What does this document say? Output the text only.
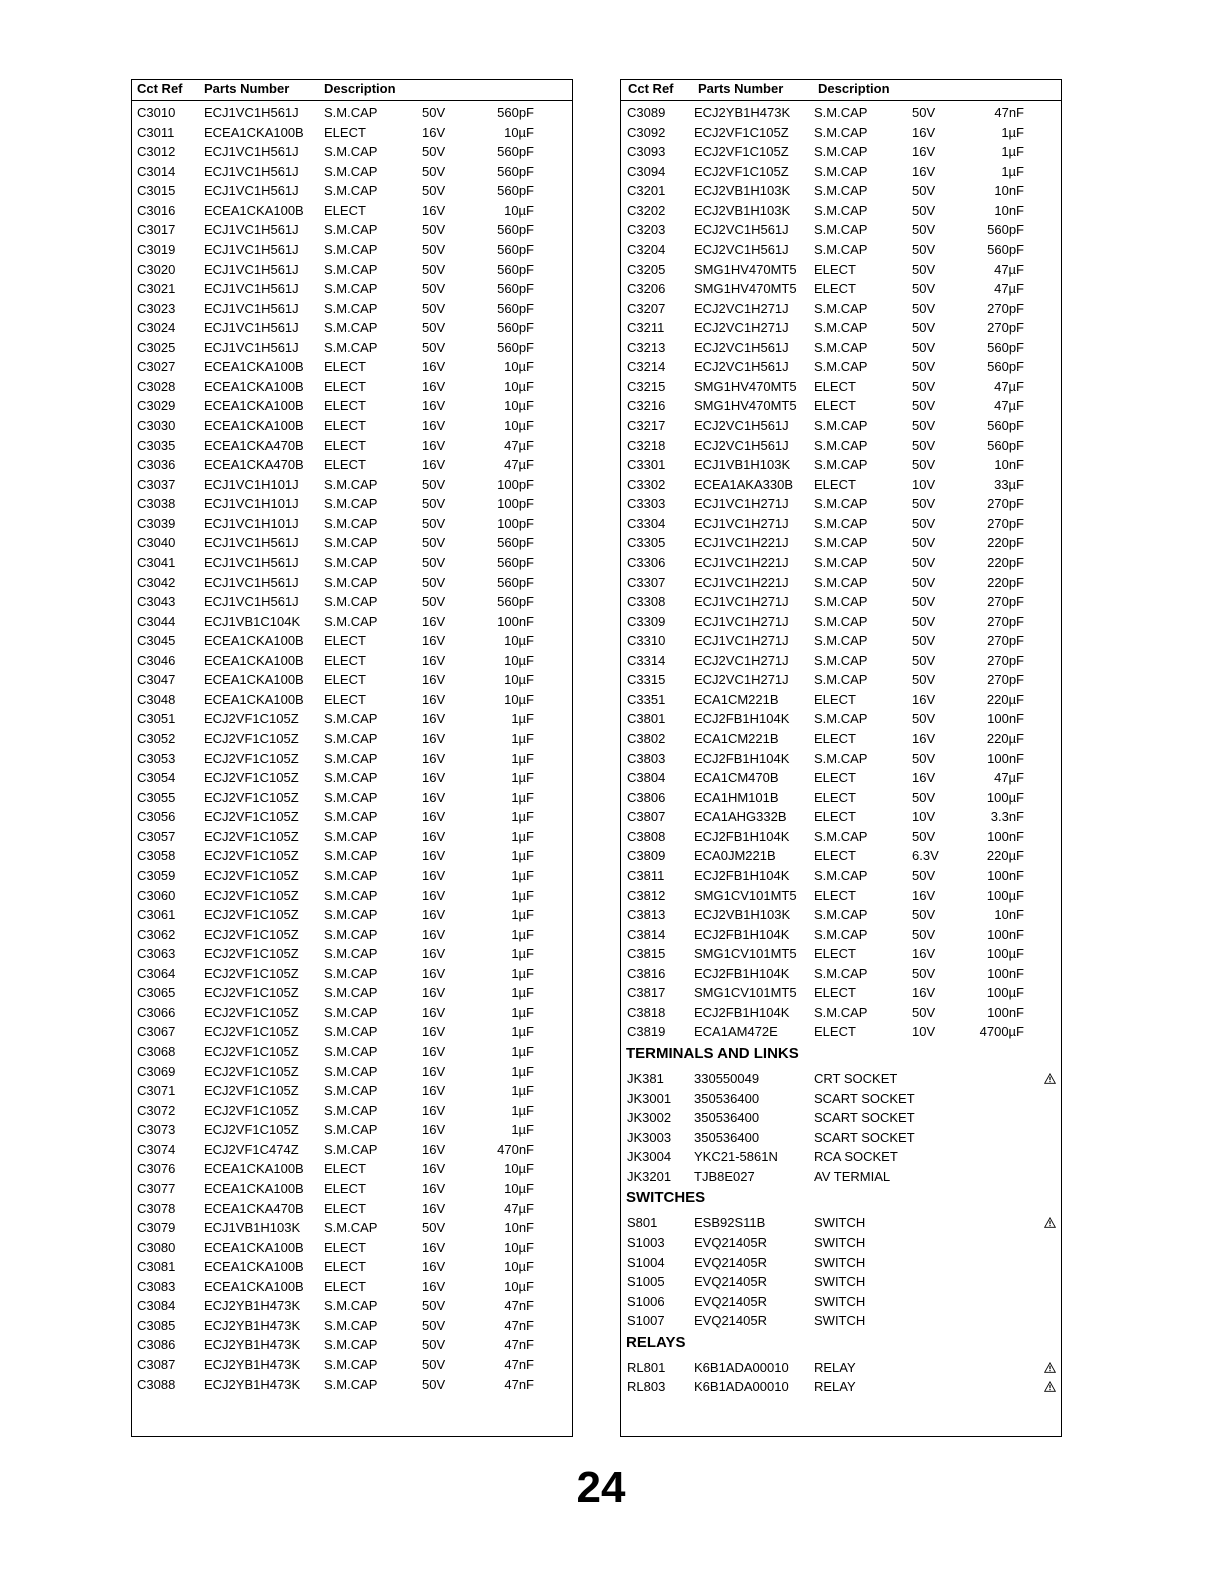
Cct Ref Parts Number	Description
C3010 ECJ1VC1H561J S.M.CAP	50V	560pF
C3011 ECEA1CKA100B ELECT	16V	10µF
C3012 ECJ1VC1H561J S.M.CAP	50V	560pF
C3014 ECJ1VC1H561J S.M.CAP	50V	560pF
C3015 ECJ1VC1H561J S.M.CAP	50V	560pF
C3016 ECEA1CKA100B ELECT	16V	10µF
C3017 ECJ1VC1H561J S.M.CAP	50V	560pF
C3019 ECJ1VC1H561J S.M.CAP	50V	560pF
C3020 ECJ1VC1H561J S.M.CAP	50V	560pF
C3021 ECJ1VC1H561J S.M.CAP	50V	560pF
C3023 ECJ1VC1H561J S.M.CAP	50V	560pF
C3024 ECJ1VC1H561J S.M.CAP	50V	560pF
C3025 ECJ1VC1H561J S.M.CAP	50V	560pF
C3027 ECEA1CKA100B ELECT	16V	10µF
C3028 ECEA1CKA100B ELECT	16V	10µF
C3029 ECEA1CKA100B ELECT	16V	10µF
C3030 ECEA1CKA100B ELECT	16V	10µF
C3035 ECEA1CKA470B ELECT	16V	47µF
C3036 ECEA1CKA470B ELECT	16V	47µF
C3037 ECJ1VC1H101J S.M.CAP	50V	100pF
C3038 ECJ1VC1H101J S.M.CAP	50V	100pF
C3039 ECJ1VC1H101J S.M.CAP	50V	100pF
C3040 ECJ1VC1H561J S.M.CAP	50V	560pF
C3041 ECJ1VC1H561J S.M.CAP	50V	560pF
C3042 ECJ1VC1H561J S.M.CAP	50V	560pF
C3043 ECJ1VC1H561J S.M.CAP	50V	560pF
C3044 ECJ1VB1C104K S.M.CAP	16V	100nF
C3045 ECEA1CKA100B ELECT	16V	10µF
C3046 ECEA1CKA100B ELECT	16V	10µF
C3047 ECEA1CKA100B ELECT	16V	10µF
C3048 ECEA1CKA100B ELECT	16V	10µF
C3051 ECJ2VF1C105Z S.M.CAP	16V	1µF
C3052 ECJ2VF1C105Z S.M.CAP	16V	1µF
C3053 ECJ2VF1C105Z S.M.CAP	16V	1µF
C3054 ECJ2VF1C105Z S.M.CAP	16V	1µF
C3055 ECJ2VF1C105Z S.M.CAP	16V	1µF
C3056 ECJ2VF1C105Z S.M.CAP	16V	1µF
C3057 ECJ2VF1C105Z S.M.CAP	16V	1µF
C3058 ECJ2VF1C105Z S.M.CAP	16V	1µF
C3059 ECJ2VF1C105Z S.M.CAP	16V	1µF
C3060 ECJ2VF1C105Z S.M.CAP	16V	1µF
C3061 ECJ2VF1C105Z S.M.CAP	16V	1µF
C3062 ECJ2VF1C105Z S.M.CAP	16V	1µF
C3063 ECJ2VF1C105Z S.M.CAP	16V	1µF
C3064 ECJ2VF1C105Z S.M.CAP	16V	1µF
C3065 ECJ2VF1C105Z S.M.CAP	16V	1µF
C3066 ECJ2VF1C105Z S.M.CAP	16V	1µF
C3067 ECJ2VF1C105Z S.M.CAP	16V	1µF
C3068 ECJ2VF1C105Z S.M.CAP	16V	1µF
C3069 ECJ2VF1C105Z S.M.CAP	16V	1µF
C3071 ECJ2VF1C105Z S.M.CAP	16V	1µF
C3072 ECJ2VF1C105Z S.M.CAP	16V	1µF
C3073 ECJ2VF1C105Z S.M.CAP	16V	1µF
C3074 ECJ2VF1C474Z S.M.CAP	16V	470nF
C3076 ECEA1CKA100B ELECT	16V	10µF
C3077 ECEA1CKA100B ELECT	16V	10µF
C3078 ECEA1CKA470B ELECT	16V	47µF
C3079 ECJ1VB1H103K S.M.CAP	50V	10nF
C3080 ECEA1CKA100B ELECT	16V	10µF
C3081 ECEA1CKA100B ELECT	16V	10µF
C3083 ECEA1CKA100B ELECT	16V	10µF
C3084 ECJ2YB1H473K S.M.CAP	50V	47nF
C3085 ECJ2YB1H473K S.M.CAP	50V	47nF
C3086 ECJ2YB1H473K S.M.CAP	50V	47nF
C3087 ECJ2YB1H473K S.M.CAP	50V	47nF
C3088 ECJ2YB1H473K S.M.CAP	50V	47nF
Cct Ref Parts Number	Description
C3089 ECJ2YB1H473K S.M.CAP	50V	47nF
C3092 ECJ2VF1C105Z S.M.CAP	16V	1µF
C3093 ECJ2VF1C105Z S.M.CAP	16V	1µF
C3094 ECJ2VF1C105Z S.M.CAP	16V	1µF
C3201 ECJ2VB1H103K S.M.CAP	50V	10nF
C3202 ECJ2VB1H103K S.M.CAP	50V	10nF
C3203 ECJ2VC1H561J S.M.CAP	50V	560pF
C3204 ECJ2VC1H561J S.M.CAP	50V	560pF
C3205 SMG1HV470MT5 ELECT	50V	47µF
C3206 SMG1HV470MT5 ELECT	50V	47µF
C3207 ECJ2VC1H271J S.M.CAP	50V	270pF
C3211 ECJ2VC1H271J S.M.CAP	50V	270pF
C3213 ECJ2VC1H561J S.M.CAP	50V	560pF
C3214 ECJ2VC1H561J S.M.CAP	50V	560pF
C3215 SMG1HV470MT5 ELECT	50V	47µF
C3216 SMG1HV470MT5 ELECT	50V	47µF
C3217 ECJ2VC1H561J S.M.CAP	50V	560pF
C3218 ECJ2VC1H561J S.M.CAP	50V	560pF
C3301 ECJ1VB1H103K S.M.CAP	50V	10nF
C3302 ECEA1AKA330B ELECT	10V	33µF
C3303 ECJ1VC1H271J S.M.CAP	50V	270pF
C3304 ECJ1VC1H271J S.M.CAP	50V	270pF
C3305 ECJ1VC1H221J S.M.CAP	50V	220pF
C3306 ECJ1VC1H221J S.M.CAP	50V	220pF
C3307 ECJ1VC1H221J S.M.CAP	50V	220pF
C3308 ECJ1VC1H271J S.M.CAP	50V	270pF
C3309 ECJ1VC1H271J S.M.CAP	50V	270pF
C3310 ECJ1VC1H271J S.M.CAP	50V	270pF
C3314 ECJ2VC1H271J S.M.CAP	50V	270pF
C3315 ECJ2VC1H271J S.M.CAP	50V	270pF
C3351 ECA1CM221B	ELECT	16V	220µF
C3801 ECJ2FB1H104K S.M.CAP	50V	100nF
C3802 ECA1CM221B	ELECT	16V	220µF
C3803 ECJ2FB1H104K S.M.CAP	50V	100nF
C3804 ECA1CM470B	ELECT	16V	47µF
C3806 ECA1HM101B	ELECT	50V	100µF
C3807 ECA1AHG332B ELECT	10V	3.3nF
C3808 ECJ2FB1H104K S.M.CAP	50V	100nF
C3809 ECA0JM221B	ELECT	6.3V	220µF
C3811 ECJ2FB1H104K S.M.CAP	50V	100nF
C3812 SMG1CV101MT5 ELECT	16V	100µF
C3813 ECJ2VB1H103K S.M.CAP	50V	10nF
C3814 ECJ2FB1H104K S.M.CAP	50V	100nF
C3815 SMG1CV101MT5 ELECT	16V	100µF
C3816 ECJ2FB1H104K S.M.CAP	50V	100nF
C3817 SMG1CV101MT5 ELECT	16V	100µF
C3818 ECJ2FB1H104K S.M.CAP	50V	100nF
C3819 ECA1AM472E	ELECT	10V	4700µF
TERMINALS AND LINKS
JK381 330550049	CRT SOCKET
JK3001 350536400	SCART SOCKET
JK3002 350536400	SCART SOCKET
JK3003 350536400	SCART SOCKET
JK3004 YKC21-5861N	RCA SOCKET
JK3201 TJB8E027	AV TERMIAL
SWITCHES
S801	ESB92S11B	SWITCH
S1003 EVQ21405R	SWITCH
S1004 EVQ21405R	SWITCH
S1005 EVQ21405R	SWITCH
S1006 EVQ21405R	SWITCH
S1007 EVQ21405R	SWITCH
RELAYS
RL801 K6B1ADA00010 RELAY
RL803 K6B1ADA00010 RELAY
24
